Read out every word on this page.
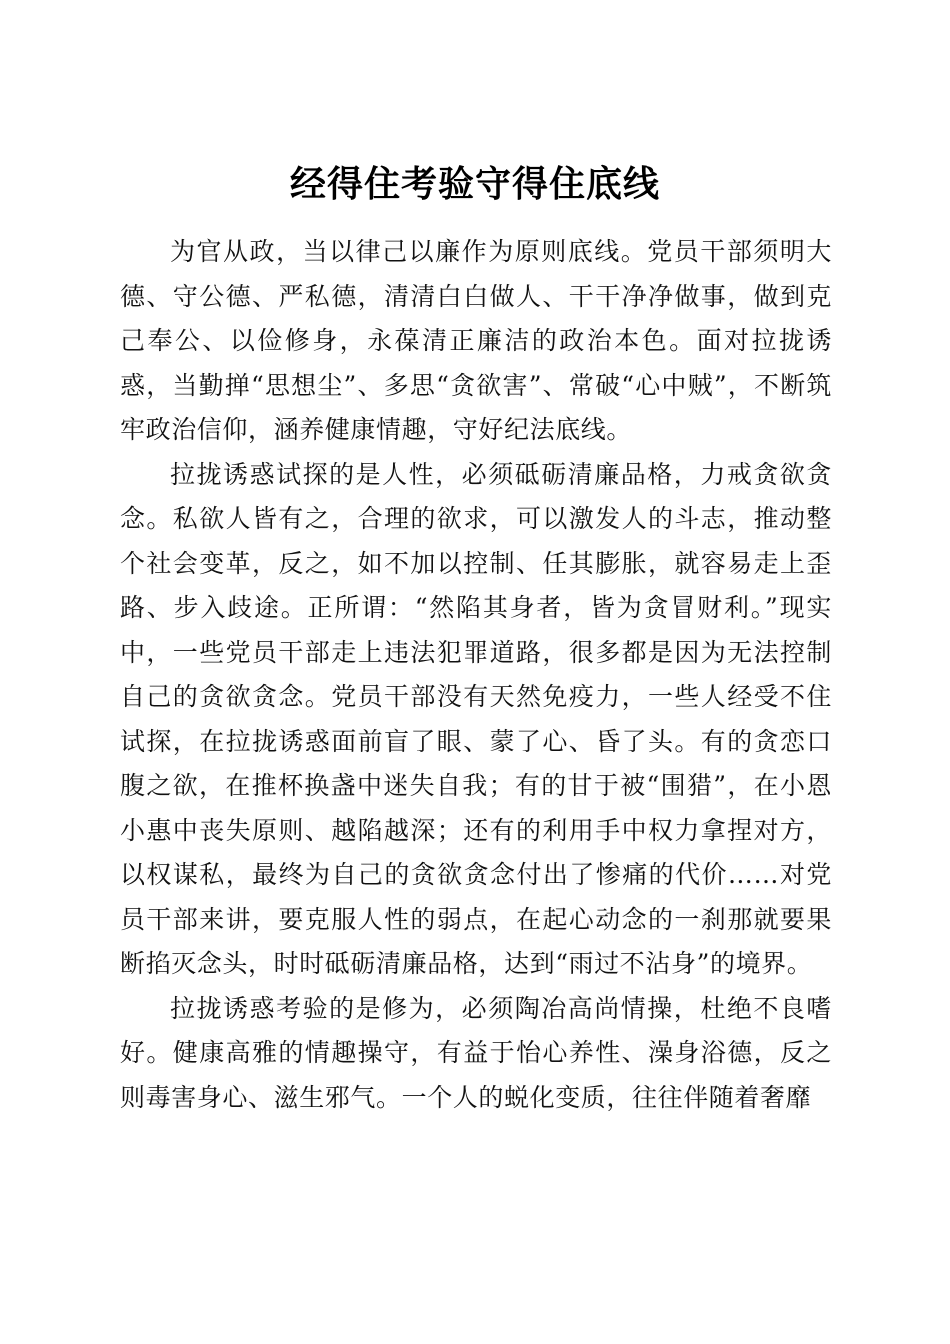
经得住考验守得住底线

为官从政，当以律己以廉作为原则底线。党员干部须明大德、守公德、严私德，清清白白做人、干干净净做事，做到克己奉公、以俭修身，永葆清正廉洁的政治本色。面对拉拢诱惑，当勤掸“思想尘”、多思“贪欲害”、常破“心中贼”，不断筑牢政治信仰，涵养健康情趣，守好纪法底线。

拉拢诱惑试探的是人性，必须砥砺清廉品格，力戒贪欲贪念。私欲人皆有之，合理的欲求，可以激发人的斗志，推动整个社会变革，反之，如不加以控制、任其膨胀，就容易走上歪路、步入歧途。正所谓：“然陷其身者，皆为贪冒财利。”现实中，一些党员干部走上违法犯罪道路，很多都是因为无法控制自己的贪欲贪念。党员干部没有天然免疫力，一些人经受不住试探，在拉拢诱惑面前盲了眼、蒙了心、昏了头。有的贪恋口腹之欲，在推杯换盏中迷失自我；有的甘于被“围猎”，在小恩小惠中丧失原则、越陷越深；还有的利用手中权力拿捏对方，以权谋私，最终为自己的贪欲贪念付出了惨痛的代价……对党员干部来讲，要克服人性的弱点，在起心动念的一刹那就要果断掐灭念头，时时砥砺清廉品格，达到“雨过不沾身”的境界。

拉拢诱惑考验的是修为，必须陶冶高尚情操，杜绝不良嗜好。健康高雅的情趣操守，有益于怡心养性、澡身浴德，反之则毒害身心、滋生邪气。一个人的蜕化变质，往往伴随着奢靡
